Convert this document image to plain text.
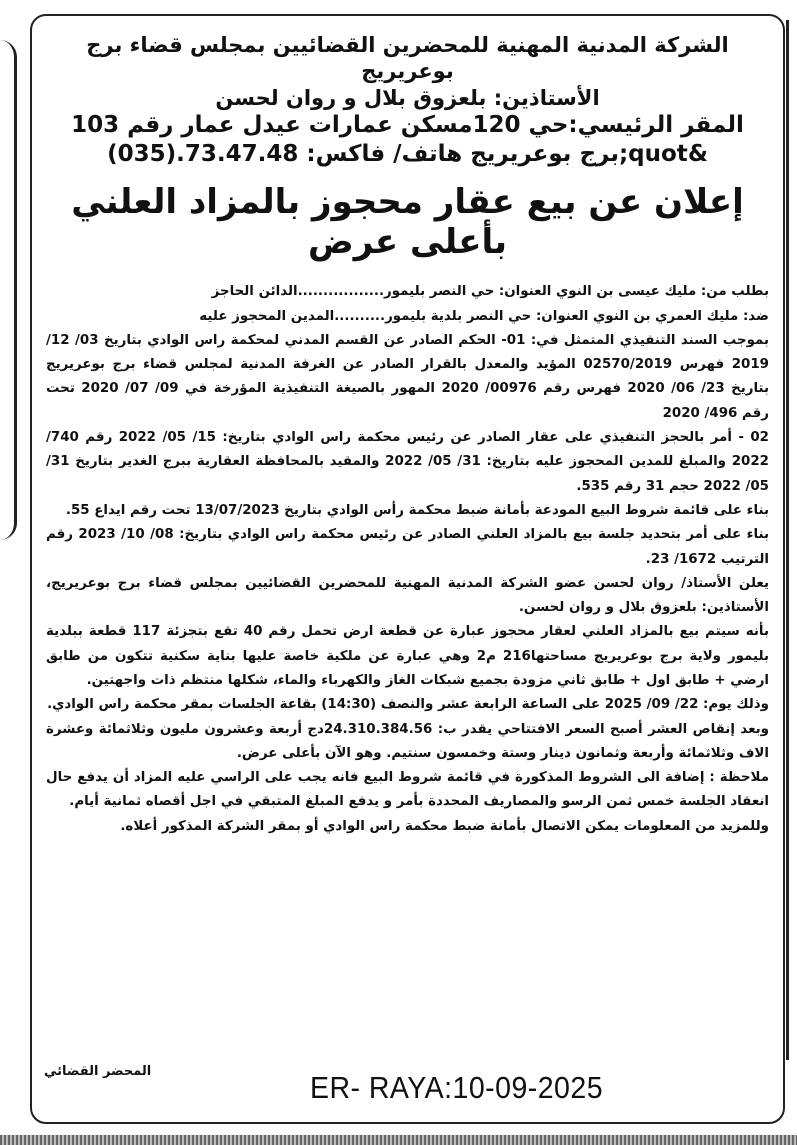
الشركة المدنية المهنية للمحضرين القضائيين بمجلس قضاء برج بوعريريج
الأستاذين: بلعزوق بلال و روان لحسن
المقر الرئيسي:حي 120مسكن عمارات عيدل عمار رقم 103
&quot;برج بوعريريج هاتف/ فاكس: 73.47.48.(035)
إعلان عن بيع عقار محجوز بالمزاد العلني بأعلى عرض

بطلب من: مليك عيسى بن النوي العنوان: حي النصر بليمور.................الدائن الحاجز

ضد: مليك العمري بن النوي العنوان: حي النصر بلدية بليمور..........المدين المحجوز عليه

بموجب السند التنفيذي المتمثل في: 01- الحكم الصادر عن القسم المدني لمحكمة راس الوادي بتاريخ 03/ 12/ 2019 فهرس 02570/2019 المؤيد والمعدل بالقرار الصادر عن الغرفة المدنية لمجلس قضاء برج بوعريريج بتاريخ 23/ 06/ 2020 فهرس رقم 00976/ 2020 المهور بالصيغة التنفيذية المؤرخة في 09/ 07/ 2020 تحت رقم 496/ 2020

02 - أمر بالحجز التنفيذي على عقار الصادر عن رئيس محكمة راس الوادي بتاريخ: 15/ 05/ 2022 رقم 740/ 2022 والمبلغ للمدين المحجوز عليه بتاريخ: 31/ 05/ 2022 والمقيد بالمحافظة العقارية ببرج الغدير بتاريخ 31/ 05/ 2022 حجم 31 رقم 535.

بناء على قائمة شروط البيع المودعة بأمانة ضبط محكمة رأس الوادي بتاريخ 13/07/2023 تحت رقم ايداع 55.

بناء على أمر بتحديد جلسة بيع بالمزاد العلني الصادر عن رئيس محكمة راس الوادي بتاريخ: 08/ 10/ 2023 رقم الترتيب 1672/ 23.

يعلن الأستاذ/ روان لحسن عضو الشركة المدنية المهنية للمحضرين القضائيين بمجلس قضاء برج بوعريريج، الأستاذين: بلعزوق بلال و روان لحسن.

بأنه سيتم بيع بالمزاد العلني لعقار محجوز عبارة عن قطعة ارض تحمل رقم 40 تقع بتجزئة 117 قطعة ببلدية بليمور ولاية برج بوعريريج مساحتها216 م2 وهي عبارة عن ملكية خاصة عليها بناية سكنية تتكون من طابق ارضي + طابق اول + طابق ثاني مزودة بجميع شبكات الغاز والكهرباء والماء، شكلها منتظم ذات واجهتين.

وذلك يوم: 22/ 09/ 2025 على الساعة الرابعة عشر والنصف (14:30) بقاعة الجلسات بمقر محكمة راس الوادي.

وبعد إنقاص العشر أصبح السعر الافتتاحي يقدر ب: 24.310.384.56دج أربعة وعشرون مليون وثلاثمائة وعشرة الاف وثلاثمائة وأربعة وثمانون دينار وستة وخمسون سنتيم. وهو الآن بأعلى عرض.

ملاحظة : إضافة الى الشروط المذكورة في قائمة شروط البيع فانه يجب على الراسي عليه المزاد أن يدفع حال انعقاد الجلسة خمس ثمن الرسو والمصاريف المحددة بأمر و يدفع المبلغ المتبقي في اجل أقصاه ثمانية أيام.

وللمزيد من المعلومات يمكن الاتصال بأمانة ضبط محكمة راس الوادي أو بمقر الشركة المذكور أعلاه.

المحضر القضائي	ER- RAYA:10-09-2025
